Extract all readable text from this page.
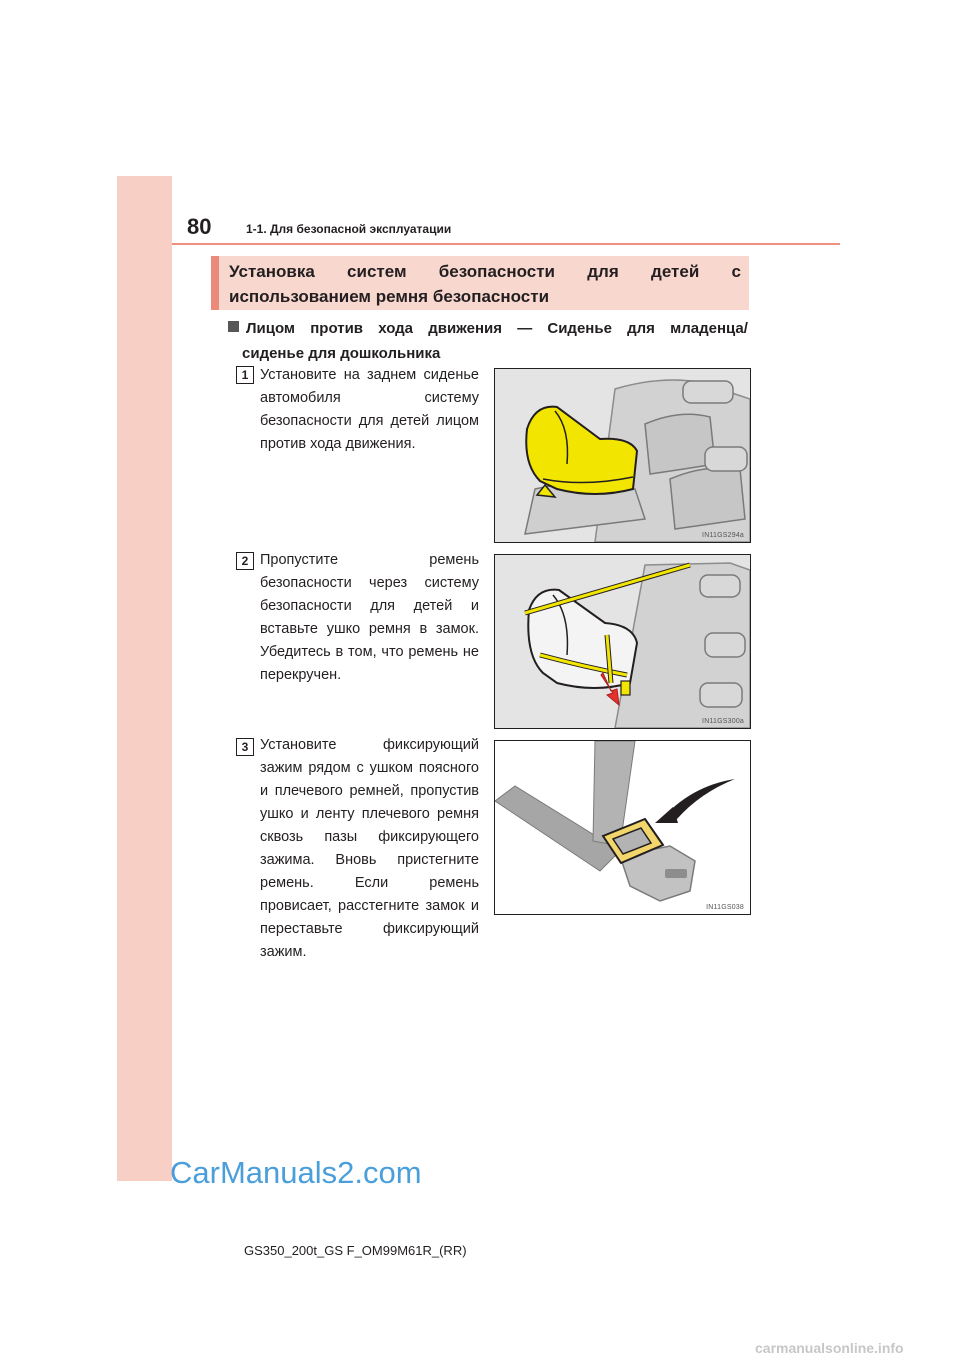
80	1-1. Для безопасной эксплуатации
Установка систем безопасности для детей с использованием ремня безопасности
Лицом против хода движения — Сиденье для младенца/
сиденье для дошкольника
1 Установите на заднем сиденье автомобиля систему безопасности для детей лицом против хода движения.
IN11GS294a
2 Пропустите ремень безопасности через систему безопасности для детей и вставьте ушко ремня в замок. Убедитесь в том, что ремень не перекручен.
IN11GS300a
3 Установите фиксирующий зажим рядом с ушком поясного и плечевого ремней, пропустив ушко и ленту плечевого ремня сквозь пазы фиксирующего зажима. Вновь пристегните ремень. Если ремень провисает, расстегните замок и переставьте фиксирующий зажим.
IN11GS038
CarManuals2.com
GS350_200t_GS F_OM99M61R_(RR)
carmanualsonline.info
